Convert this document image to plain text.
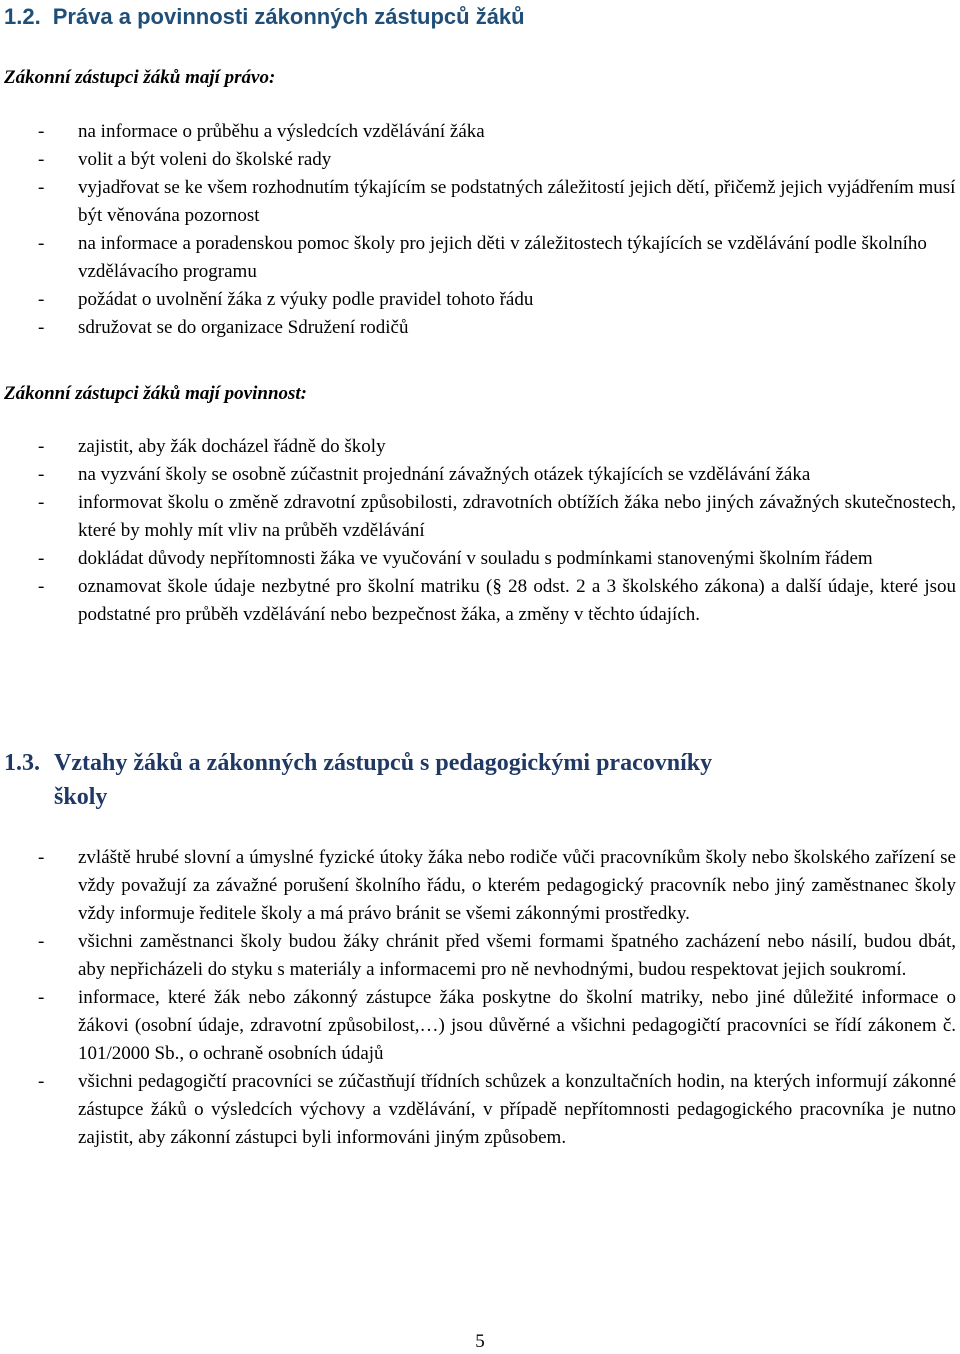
1.2. Práva a povinnosti zákonných zástupců žáků
Zákonní zástupci žáků mají právo:
- na informace o průběhu a výsledcích vzdělávání žáka
- volit a být voleni do školské rady
- vyjadřovat se ke všem rozhodnutím týkajícím se podstatných záležitostí jejich dětí, přičemž jejich vyjádřením musí být věnována pozornost
- na informace a poradenskou pomoc školy pro jejich děti v záležitostech týkajících se vzdělávání podle školního vzdělávacího programu
- požádat o uvolnění žáka z výuky podle pravidel tohoto řádu
- sdružovat se do organizace Sdružení rodičů
Zákonní zástupci žáků mají povinnost:
- zajistit, aby žák docházel řádně do školy
- na vyzvání školy se osobně zúčastnit projednání závažných otázek týkajících se vzdělávání žáka
- informovat školu o změně zdravotní způsobilosti, zdravotních obtížích žáka nebo jiných závažných skutečnostech, které by mohly mít vliv na průběh vzdělávání
- dokládat důvody nepřítomnosti žáka ve vyučování v souladu s podmínkami stanovenými školním řádem
- oznamovat škole údaje nezbytné pro školní matriku (§ 28 odst. 2 a 3 školského zákona) a další údaje, které jsou podstatné pro průběh vzdělávání nebo bezpečnost žáka, a změny v těchto údajích.
1.3. Vztahy žáků a zákonných zástupců s pedagogickými pracovníky
školy
- zvláště hrubé slovní a úmyslné fyzické útoky žáka nebo rodiče vůči pracovníkům školy nebo školského zařízení se vždy považují za závažné porušení školního řádu, o kterém pedagogický pracovník nebo jiný zaměstnanec školy vždy informuje ředitele školy a má právo bránit se všemi zákonnými prostředky.
- všichni zaměstnanci školy budou žáky chránit před všemi formami špatného zacházení nebo násilí, budou dbát, aby nepřicházeli do styku s materiály a informacemi pro ně nevhodnými, budou respektovat jejich soukromí.
- informace, které žák nebo zákonný zástupce žáka poskytne do školní matriky, nebo jiné důležité informace o žákovi (osobní údaje, zdravotní způsobilost,…) jsou důvěrné a všichni pedagogičtí pracovníci se řídí zákonem č. 101/2000 Sb., o ochraně osobních údajů
- všichni pedagogičtí pracovníci se zúčastňují třídních schůzek a konzultačních hodin, na kterých informují zákonné zástupce žáků o výsledcích výchovy a vzdělávání, v případě nepřítomnosti pedagogického pracovníka je nutno zajistit, aby zákonní zástupci byli informováni jiným způsobem.
5
